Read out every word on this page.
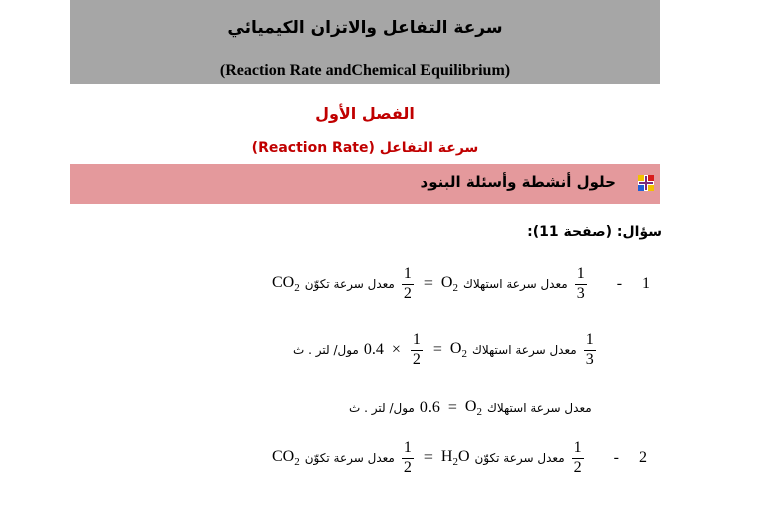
سرعة التفاعل والاتزان الكيميائي
(Reaction Rate andChemical Equilibrium)
الفصل الأول
سرعة التفاعل (Reaction Rate)
حلول أنشطة وأسئلة البنود
سؤال: (صفحة 11):
$CO_2$ معدل سرعة تكوّن $\frac{1}{2} = O_2$ معدل سرعة استهلاك $\frac{1}{3} - 1$
مول/ لتر . ث $0.4 \times \frac{1}{2} = O_2$ معدل سرعة استهلاك $\frac{1}{3}$
مول/ لتر . ث $0.6 = O_2$ معدل سرعة استهلاك
$CO_2$ معدل سرعة تكوّن $\frac{1}{2} = H_2O$ معدل سرعة تكوّن $\frac{1}{2} - 2$
